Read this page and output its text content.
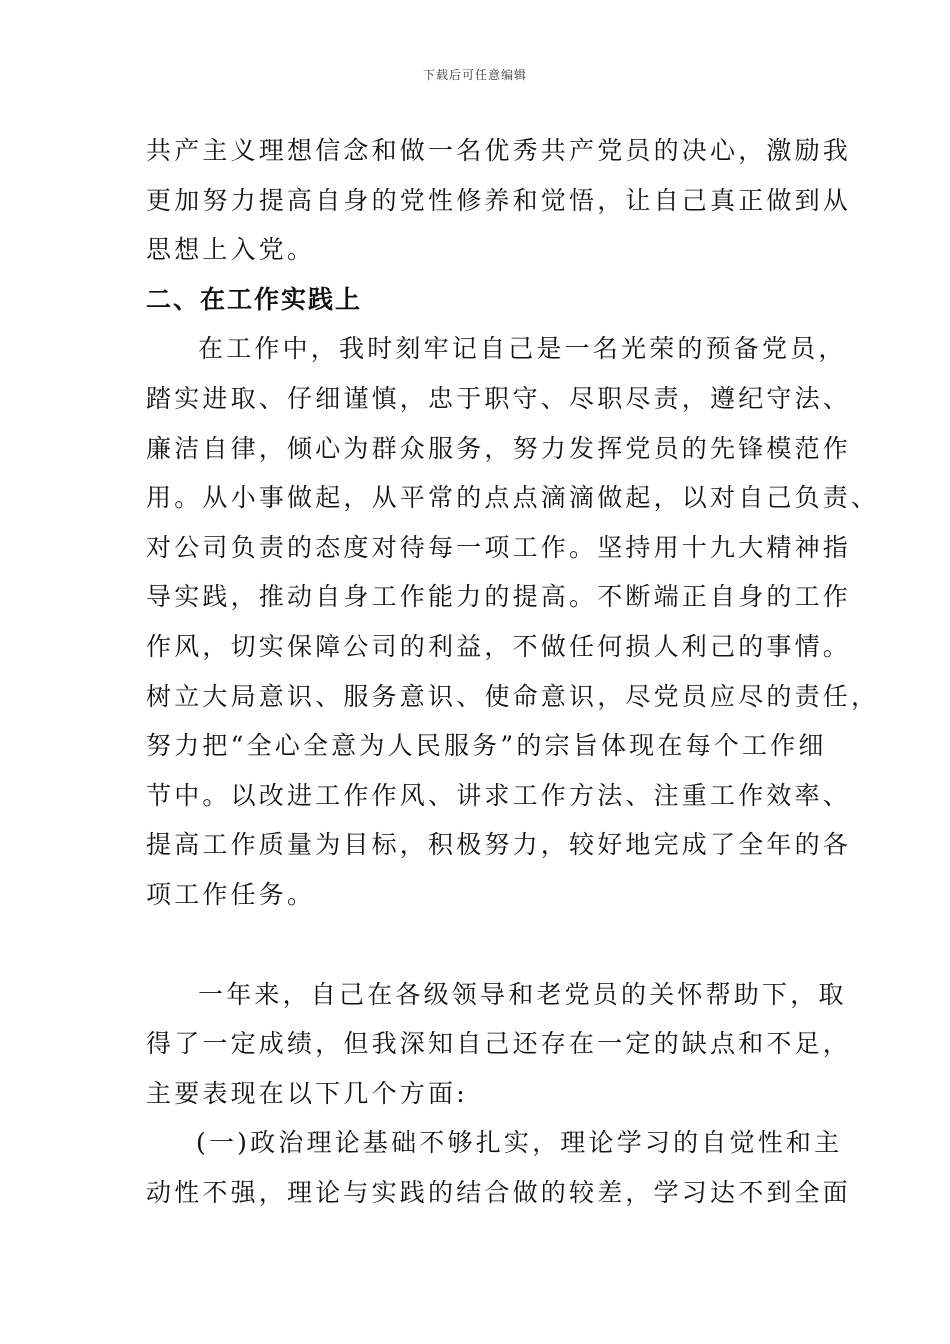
下载后可任意编辑
共产主义理想信念和做一名优秀共产党员的决心，激励我
更加努力提高自身的党性修养和觉悟，让自己真正做到从
思想上入党。
二、在工作实践上
在工作中，我时刻牢记自己是一名光荣的预备党员，
踏实进取、仔细谨慎，忠于职守、尽职尽责，遵纪守法、
廉洁自律，倾心为群众服务，努力发挥党员的先锋模范作
用。从小事做起，从平常的点点滴滴做起，以对自己负责、
对公司负责的态度对待每一项工作。坚持用十九大精神指
导实践，推动自身工作能力的提高。不断端正自身的工作
作风，切实保障公司的利益，不做任何损人利己的事情。
树立大局意识、服务意识、使命意识，尽党员应尽的责任，
努力把“全心全意为人民服务”的宗旨体现在每个工作细
节中。以改进工作作风、讲求工作方法、注重工作效率、
提高工作质量为目标，积极努力，较好地完成了全年的各
项工作任务。
一年来，自己在各级领导和老党员的关怀帮助下，取
得了一定成绩，但我深知自己还存在一定的缺点和不足，
主要表现在以下几个方面:
(一)政治理论基础不够扎实，理论学习的自觉性和主
动性不强，理论与实践的结合做的较差，学习达不到全面
